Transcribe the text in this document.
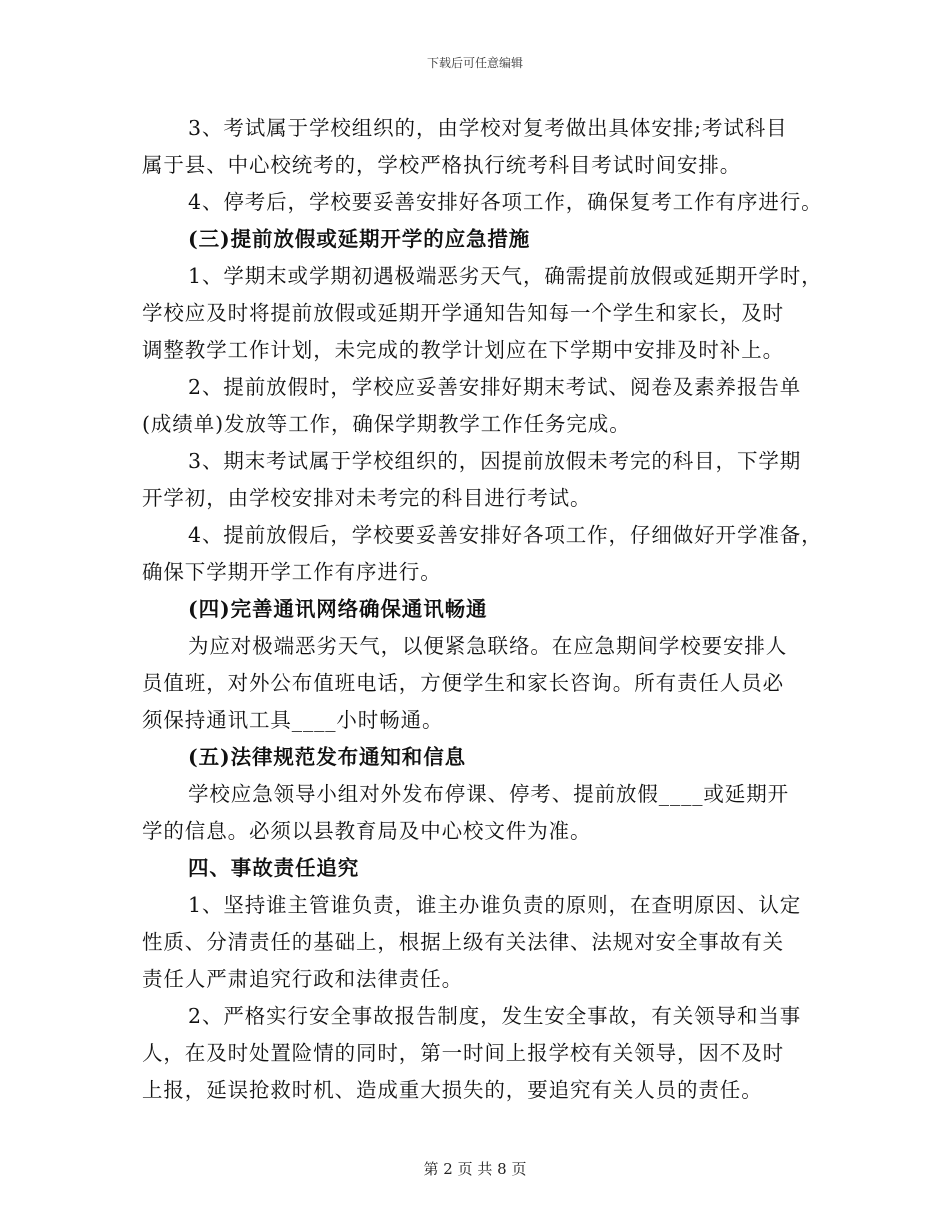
下载后可任意编辑
3、考试属于学校组织的，由学校对复考做出具体安排;考试科目
属于县、中心校统考的，学校严格执行统考科目考试时间安排。
4、停考后，学校要妥善安排好各项工作，确保复考工作有序进行。
(三)提前放假或延期开学的应急措施
1、学期末或学期初遇极端恶劣天气，确需提前放假或延期开学时，
学校应及时将提前放假或延期开学通知告知每一个学生和家长，及时
调整教学工作计划，未完成的教学计划应在下学期中安排及时补上。
2、提前放假时，学校应妥善安排好期末考试、阅卷及素养报告单
(成绩单)发放等工作，确保学期教学工作任务完成。
3、期末考试属于学校组织的，因提前放假未考完的科目，下学期
开学初，由学校安排对未考完的科目进行考试。
4、提前放假后，学校要妥善安排好各项工作，仔细做好开学准备，
确保下学期开学工作有序进行。
(四)完善通讯网络确保通讯畅通
为应对极端恶劣天气，以便紧急联络。在应急期间学校要安排人
员值班，对外公布值班电话，方便学生和家长咨询。所有责任人员必
须保持通讯工具____小时畅通。
(五)法律规范发布通知和信息
学校应急领导小组对外发布停课、停考、提前放假____或延期开
学的信息。必须以县教育局及中心校文件为准。
四、事故责任追究
1、坚持谁主管谁负责，谁主办谁负责的原则，在查明原因、认定
性质、分清责任的基础上，根据上级有关法律、法规对安全事故有关
责任人严肃追究行政和法律责任。
2、严格实行安全事故报告制度，发生安全事故，有关领导和当事
人，在及时处置险情的同时，第一时间上报学校有关领导，因不及时
上报，延误抢救时机、造成重大损失的，要追究有关人员的责任。
第 2 页 共 8 页
